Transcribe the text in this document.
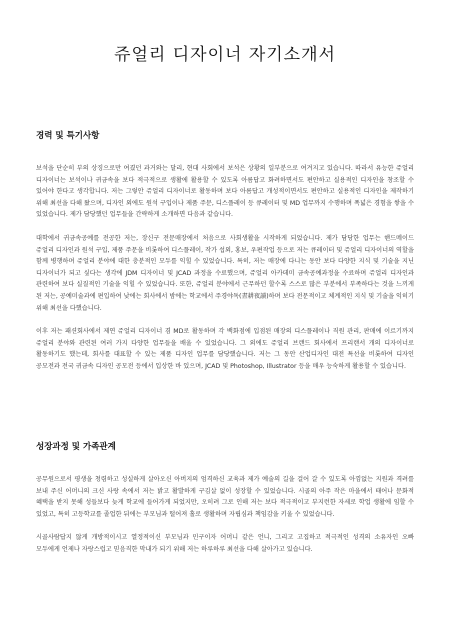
쥬얼리 디자이너 자기소개서
경력 및 특기사항

보석을 단순히 부의 상징으로만 여겼던 과거와는 달리, 현대 사회에서 보석은 상황의 일부분으로 여겨지고 있습니다. 따라서 유능한 쥬얼리 디자이너는 보석이나 귀금속을 보다 적극적으로 생활에 활용할 수 있도록 아름답고 화려하면서도 편안하고 실용적인 디자인을 창조할 수 있어야 한다고 생각합니다. 저는 그렇안 쥬얼리 디자이너로 활동하며 보다 아름답고 개성적이면서도 편안하고 실용적인 디자인을 제작하기 위해 최선을 다해 왔으며, 디자인 외에도 원석 구입이나 제품 주문, 디스플레이 등 큐레이터 및 MD 업무까지 수행하며 폭넓은 경험을 쌓을 수 있었습니다. 제가 담당했던 업무들을 간략하게 소개하면 다음과 같습니다.

대학에서 귀금속공예를 전공한 저는, 장신구 전문매장에서 처음으로 사회생활을 시작하게 되었습니다. 제가 담당한 업무는 핸드메이드 쥬얼리 디자인과 원석 구입, 제품 주문을 비롯하여 디스플레이, 작가 섭외, 홍보, 우편작업 등으로 저는 큐레이터 및 쥬얼리 디자이너의 역할을 함께 병행하며 쥬얼리 분야에 대한 충분적인 모두를 익힐 수 있었습니다. 특히, 저는 매장에 다니는 동안 보다 다양한 지식 및 기술을 지닌 디자이너가 되고 싶다는 생각에 JDM 디자이너 및 JCAD 과정을 수료했으며, 쥬얼리 아카데미 금속공예과정을 수료하며 쥬얼리 디자인과 관련하여 보다 실질적인 기술을 익힐 수 있었습니다. 또한, 쥬얼리 분야에서 근무하던 할수록 스스로 많은 부분에서 부족하다는 것을 느끼게 된 저는, 공예미술과에 편입하여 낮에는 회사에서 밤에는 학교에서 주경야독(晝耕夜讀)하며 보다 전문적이고 체계적인 지식 및 기술을 익히기 위해 최선을 다했습니다.

이후 저는 패션회사에서 제연 쥬얼리 디자이너 겸 MD로 활동하며 각 백화점에 입점된 매장의 디스플레이나 직원 관리, 판매에 이르기까지 쥬얼리 분야와 관련된 여러 가지 다양한 업무들을 배울 수 있었습니다. 그 외에도 쥬얼리 브랜드 회사에서 프리랜서 개의 디자이너로 활동하기도 했는데, 회사를 대표할 수 있는 제품 디자인 업무를 담당했습니다. 저는 그 동안 산업디자인 대전 특선을 비롯하여 디자인 공모전과 전국 귀금속 디자인 공모전 등에서 입상한 바 있으며, JCAD 및 Photoshop, Illustrator 등을 매우 능숙하게 활용할 수 있습니다.

성장과정 및 가족관계

공무원으로서 평생을 청렴하고 성실하게 살아오신 아버지의 엄격하신 교육과 제가 예술의 길을 걸어 갈 수 있도록 아낌없는 지원과 격려를 보내 주신 어머니의 크신 사랑 속에서 저는 밝고 활발하게 구김살 없이 성장할 수 있었습니다. 시골의 아주 작은 마을에서 태어나 문화적 혜택을 받지 못해 성들보다 늦게 학교에 들어가게 되었지만, 오히려 그로 인해 저는 보다 적극적이고 부지런한 자세로 학업 생활에 임할 수 있었고, 특히 고등학교를 졸업한 뒤에는 부모님과 떨어져 홀로 생활하며 자립심과 책임감을 키울 수 있었습니다.

시골사람답지 않게 개방적이시고 열정적이신 부모님과 민구이자 어머니 같은 언니, 그리고 고집하고 적극적인 성격의 소유자인 오빠 모두에게 언제나 자랑스럽고 믿음직한 막내가 되기 위해 저는 하루하루 최선을 다해 살아가고 있습니다.
